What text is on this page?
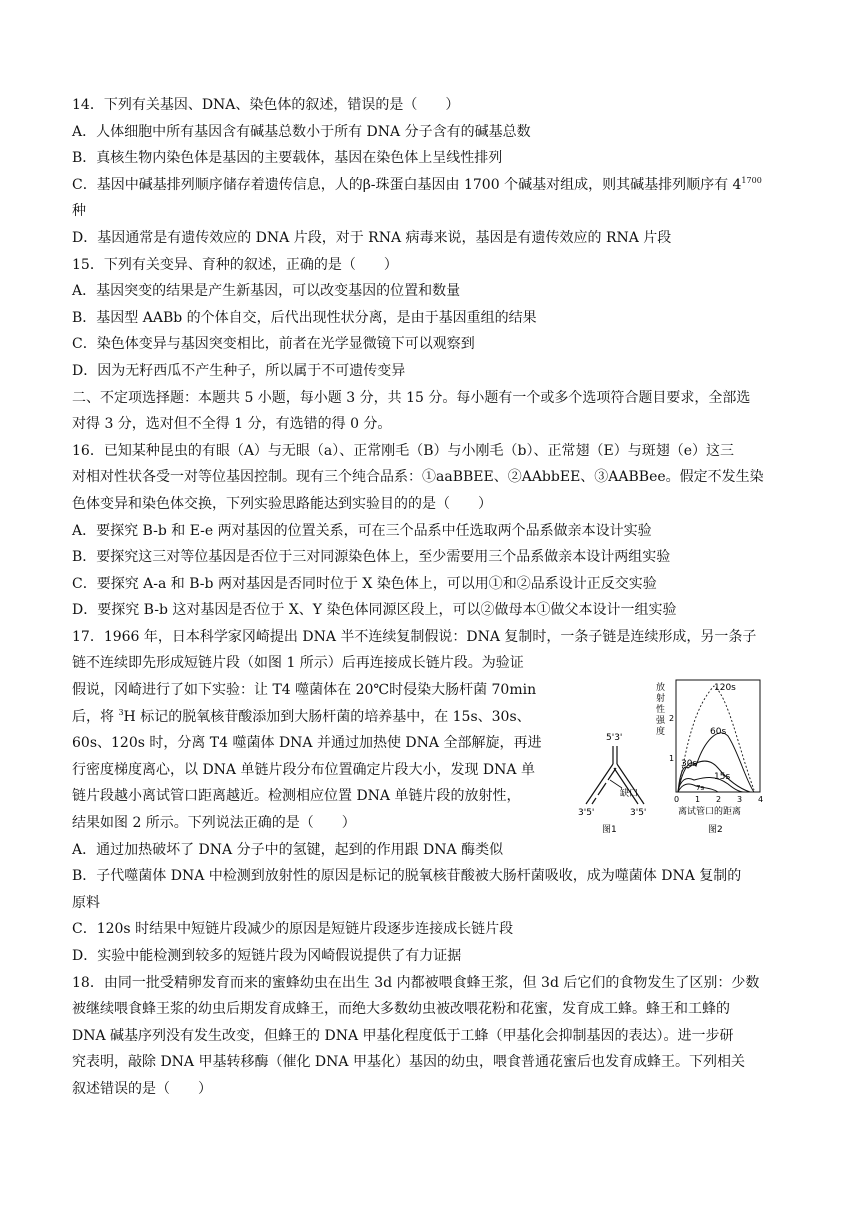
14．下列有关基因、DNA、染色体的叙述，错误的是（　　）

A．人体细胞中所有基因含有碱基总数小于所有 DNA 分子含有的碱基总数

B．真核生物内染色体是基因的主要载体，基因在染色体上呈线性排列

C．基因中碱基排列顺序储存着遗传信息，人的β-珠蛋白基因由 1700 个碱基对组成，则其碱基排列顺序有 $4^{1700}$

种

D．基因通常是有遗传效应的 DNA 片段，对于 RNA 病毒来说，基因是有遗传效应的 RNA 片段

15．下列有关变异、育种的叙述，正确的是（　　）

A．基因突变的结果是产生新基因，可以改变基因的位置和数量

B．基因型 AABb 的个体自交，后代出现性状分离，是由于基因重组的结果

C．染色体变异与基因突变相比，前者在光学显微镜下可以观察到

D．因为无籽西瓜不产生种子，所以属于不可遗传变异

二、不定项选择题：本题共 5 小题，每小题 3 分，共 15 分。每小题有一个或多个选项符合题目要求，全部选

对得 3 分，选对但不全得 1 分，有选错的得 0 分。

16．已知某种昆虫的有眼（A）与无眼（a）、正常刚毛（B）与小刚毛（b）、正常翅（E）与斑翅（e）这三

对相对性状各受一对等位基因控制。现有三个纯合品系：①aaBBEE、②AAbbEE、③AABBee。假定不发生染

色体变异和染色体交换，下列实验思路能达到实验目的的是（　　）

A．要探究 B-b 和 E-e 两对基因的位置关系，可在三个品系中任选取两个品系做亲本设计实验

B．要探究这三对等位基因是否位于三对同源染色体上，至少需要用三个品系做亲本设计两组实验

C．要探究 A-a 和 B-b 两对基因是否同时位于 X 染色体上，可以用①和②品系设计正反交实验

D．要探究 B-b 这对基因是否位于 X、Y 染色体同源区段上，可以②做母本①做父本设计一组实验

17．1966 年，日本科学家冈崎提出 DNA 半不连续复制假说：DNA 复制时，一条子链是连续形成，另一条子

链不连续即先形成短链片段（如图 1 所示）后再连接成长链片段。为验证

假说，冈崎进行了如下实验：让 T4 噬菌体在 20℃时侵染大肠杆菌 70min

后，将 $^3$H 标记的脱氧核苷酸添加到大肠杆菌的培养基中，在 15s、30s、

60s、120s 时，分离 T4 噬菌体 DNA 并通过加热使 DNA 全部解旋，再进

行密度梯度离心，以 DNA 单链片段分布位置确定片段大小，发现 DNA 单

链片段越小离试管口距离越近。检测相应位置 DNA 单链片段的放射性，

结果如图 2 所示。下列说法正确的是（　　）

A．通过加热破坏了 DNA 分子中的氢键，起到的作用跟 DNA 酶类似

B．子代噬菌体 DNA 中检测到放射性的原因是标记的脱氧核苷酸被大肠杆菌吸收，成为噬菌体 DNA 复制的

原料

C．120s 时结果中短链片段减少的原因是短链片段逐步连接成长链片段

D．实验中能检测到较多的短链片段为冈崎假说提供了有力证据

18．由同一批受精卵发育而来的蜜蜂幼虫在出生 3d 内都被喂食蜂王浆，但 3d 后它们的食物发生了区别：少数

被继续喂食蜂王浆的幼虫后期发育成蜂王，而绝大多数幼虫被改喂花粉和花蜜，发育成工蜂。蜂王和工蜂的

DNA 碱基序列没有发生改变，但蜂王的 DNA 甲基化程度低于工蜂（甲基化会抑制基因的表达）。进一步研

究表明，敲除 DNA 甲基转移酶（催化 DNA 甲基化）基因的幼虫，喂食普通花蜜后也发育成蜂王。下列相关

叙述错误的是（　　）

5'3'
缺口
3'5'	3'5'
图1
放
射
性
强
度
1
2
120s
60s
30s
15s
7s
0 1 2 3 4
离试管口的距离
图2
